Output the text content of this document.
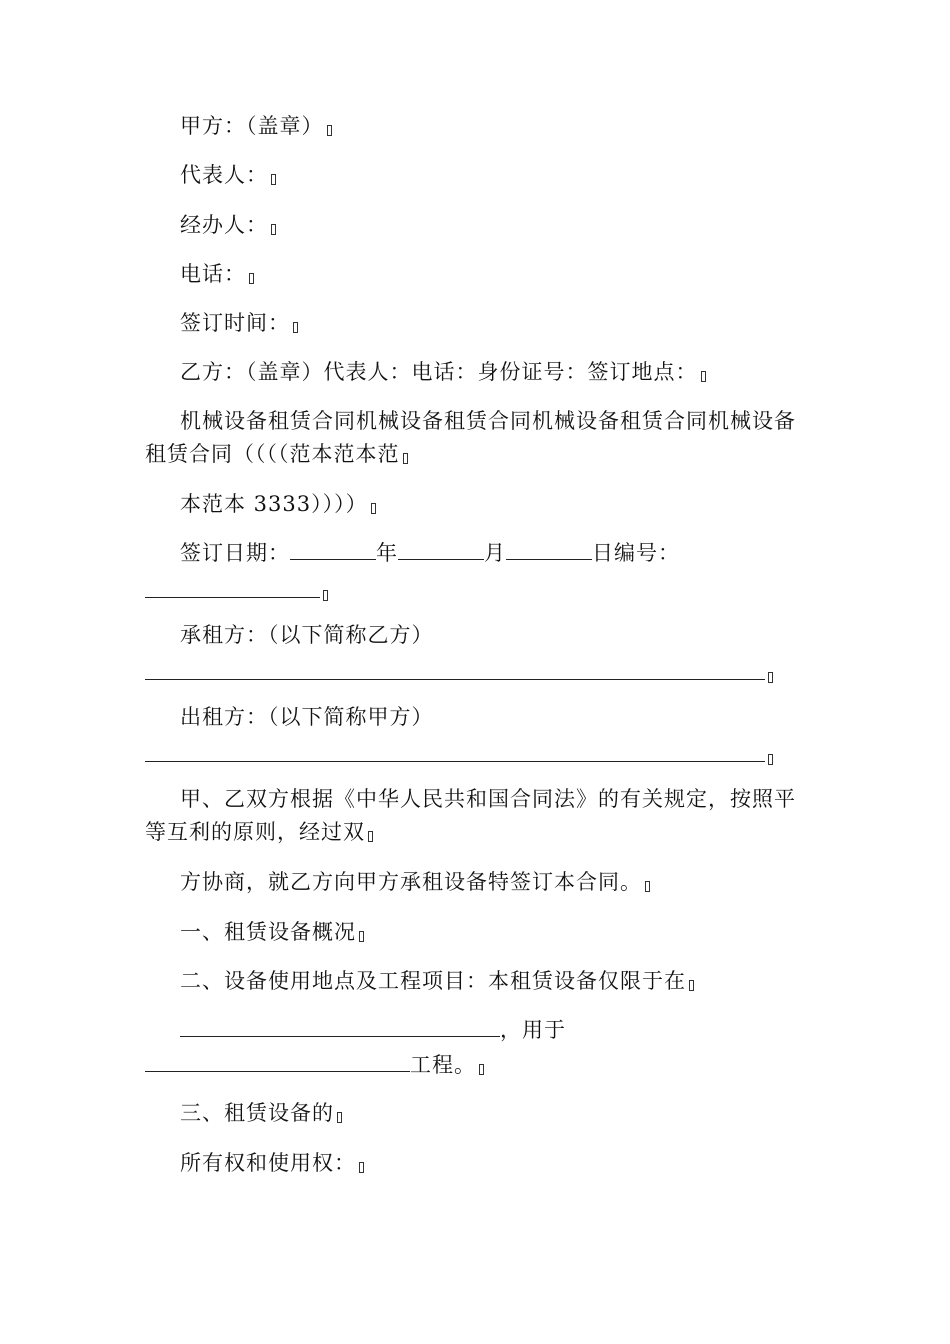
甲方：（盖章）
代表人：
经办人：
电话：
签订时间：
乙方：（盖章）代表人：电话：身份证号：签订地点：
机械设备租赁合同机械设备租赁合同机械设备租赁合同机械设备
租赁合同（（（（范本范本范
本范本 3333））））
签订日期：	年	月	日编号：
承租方：（以下简称乙方）
出租方：（以下简称甲方）
甲、乙双方根据《中华人民共和国合同法》的有关规定，按照平
等互利的原则，经过双
方协商，就乙方向甲方承租设备特签订本合同。
一、租赁设备概况
二、设备使用地点及工程项目：本租赁设备仅限于在
，用于
工程。
三、租赁设备的
所有权和使用权：
